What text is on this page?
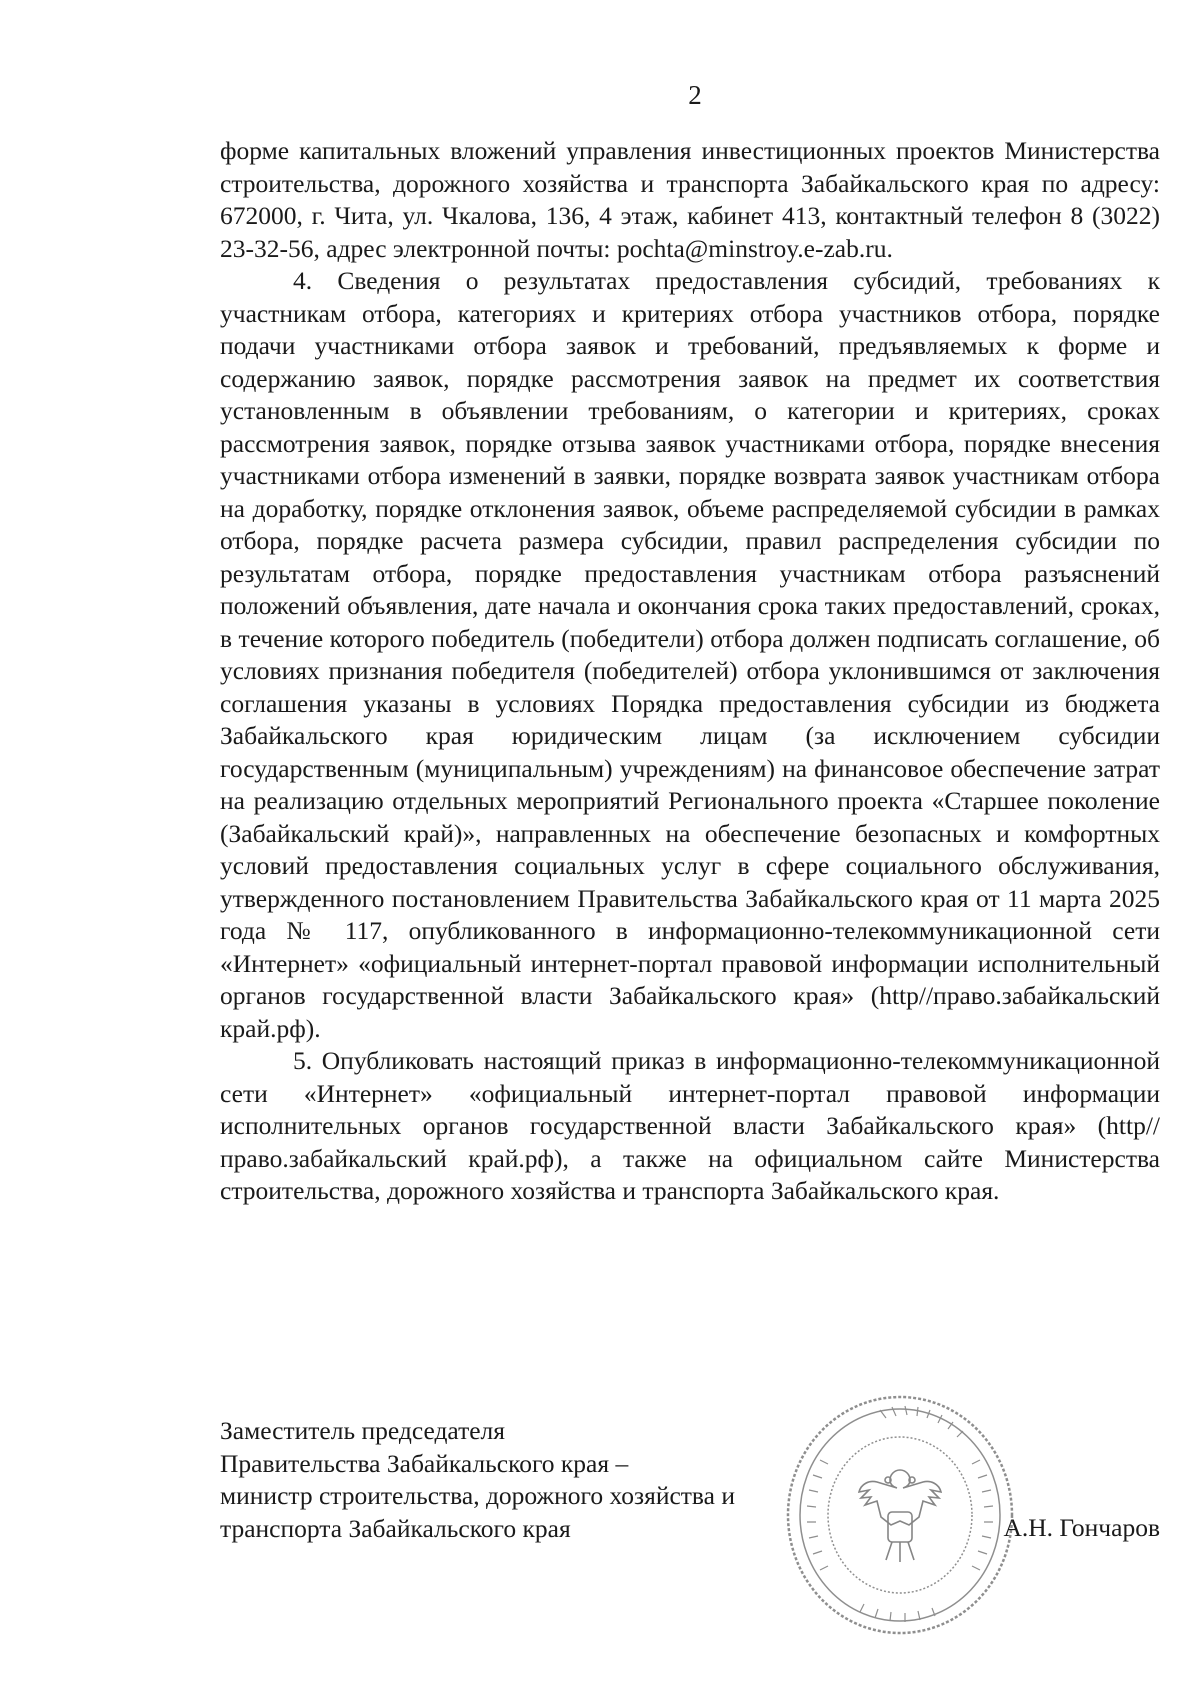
2

форме капитальных вложений управления инвестиционных проектов Министерства строительства, дорожного хозяйства и транспорта Забайкальского края по адресу: 672000, г. Чита, ул. Чкалова, 136, 4 этаж, кабинет 413, контактный телефон 8 (3022) 23-32-56, адрес электронной почты: pochta@minstroy.e-zab.ru.

4. Сведения о результатах предоставления субсидий, требованиях к участникам отбора, категориях и критериях отбора участников отбора, порядке подачи участниками отбора заявок и требований, предъявляемых к форме и содержанию заявок, порядке рассмотрения заявок на предмет их соответствия установленным в объявлении требованиям, о категории и критериях, сроках рассмотрения заявок, порядке отзыва заявок участниками отбора, порядке внесения участниками отбора изменений в заявки, порядке возврата заявок участникам отбора на доработку, порядке отклонения заявок, объеме распределяемой субсидии в рамках отбора, порядке расчета размера субсидии, правил распределения субсидии по результатам отбора, порядке предоставления участникам отбора разъяснений положений объявления, дате начала и окончания срока таких предоставлений, сроках, в течение которого победитель (победители) отбора должен подписать соглашение, об условиях признания победителя (победителей) отбора уклонившимся от заключения соглашения указаны в условиях Порядка предоставления субсидии из бюджета Забайкальского края юридическим лицам (за исключением субсидии государственным (муниципальным) учреждениям) на финансовое обеспечение затрат на реализацию отдельных мероприятий Регионального проекта «Старшее поколение (Забайкальский край)», направленных на обеспечение безопасных и комфортных условий предоставления социальных услуг в сфере социального обслуживания, утвержденного постановлением Правительства Забайкальского края от 11 марта 2025 года № 117, опубликованного в информационно-телекоммуникационной сети «Интернет» «официальный интернет-портал правовой информации исполнительный органов государственной власти Забайкальского края» (http//право.забайкальский край.рф).

5. Опубликовать настоящий приказ в информационно-телекоммуникационной сети «Интернет» «официальный интернет-портал правовой информации исполнительных органов государственной власти Забайкальского края» (http//право.забайкальский край.рф), а также на официальном сайте Министерства строительства, дорожного хозяйства и транспорта Забайкальского края.

Заместитель председателя
Правительства Забайкальского края –
министр строительства, дорожного хозяйства и
транспорта Забайкальского края	А.Н. Гончаров
